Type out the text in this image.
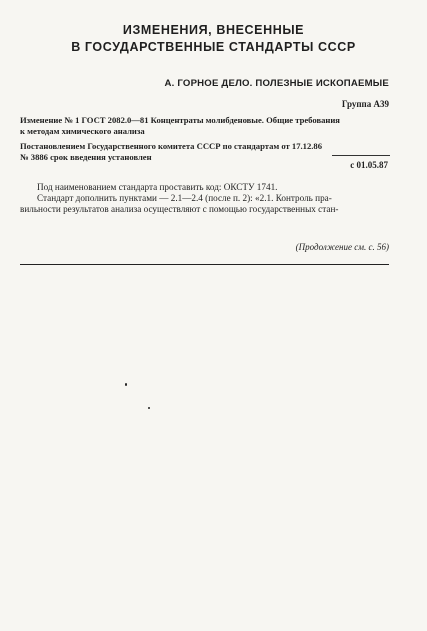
ИЗМЕНЕНИЯ, ВНЕСЕННЫЕ
В ГОСУДАРСТВЕННЫЕ СТАНДАРТЫ СССР
А. ГОРНОЕ ДЕЛО. ПОЛЕЗНЫЕ ИСКОПАЕМЫЕ
Группа А39
Изменение № 1 ГОСТ 2082.0—81 Концентраты молибденовые. Общие требования
к методам химического анализа
Постановлением Государственного комитета СССР по стандартам от 17.12.86
№ 3886 срок введения установлен
с 01.05.87
Под наименованием стандарта проставить код: ОКСТУ 1741.
Стандарт дополнить пунктами — 2.1—2.4 (после п. 2): «2.1. Контроль пра-
вильности результатов анализа осуществляют с помощью государственных стан-
(Продолжение см. с. 56)
